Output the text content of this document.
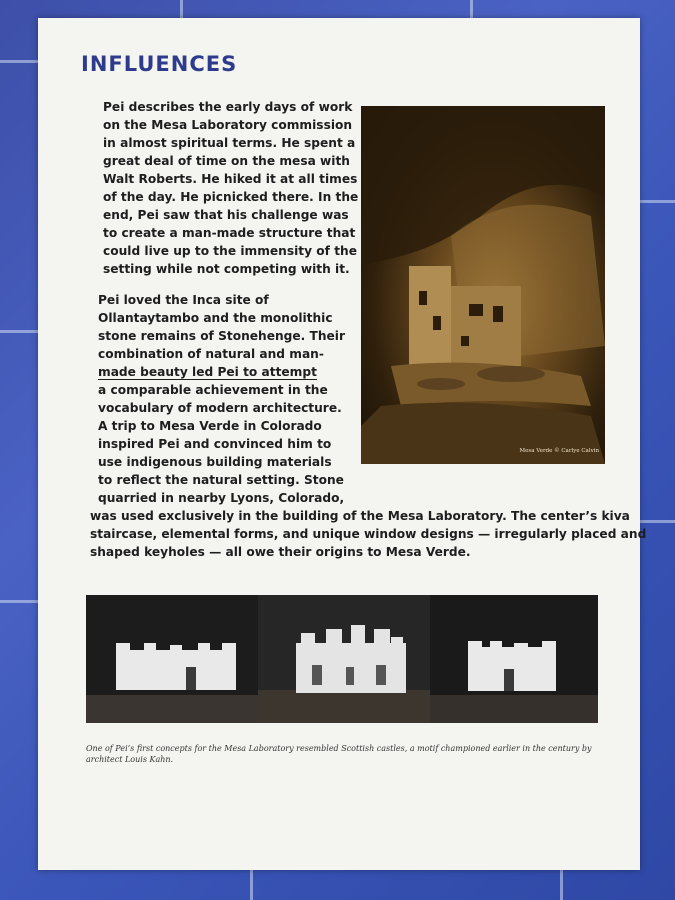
INFLUENCES
Pei describes the early days of work
on the Mesa Laboratory commission
in almost spiritual terms. He spent a
great deal of time on the mesa with
Walt Roberts. He hiked it at all times
of the day. He picnicked there. In the
end, Pei saw that his challenge was
to create a man-made structure that
could live up to the immensity of the
setting while not competing with it.
Pei loved the Inca site of
Ollantaytambo and the monolithic
stone remains of Stonehenge. Their
combination of natural and man-
made beauty led Pei to attempt
a comparable achievement in the
vocabulary of modern architecture.
A trip to Mesa Verde in Colorado
inspired Pei and convinced him to
use indigenous building materials
to reflect the natural setting. Stone
quarried in nearby Lyons, Colorado,
was used exclusively in the building of the Mesa Laboratory. The center’s kiva
staircase, elemental forms, and unique window designs — irregularly placed and
shaped keyholes — all owe their origins to Mesa Verde.
Mesa Verde © Carlye Calvin
One of Pei’s first concepts for the Mesa Laboratory resembled Scottish castles, a motif championed earlier in the century by architect Louis Kahn.
